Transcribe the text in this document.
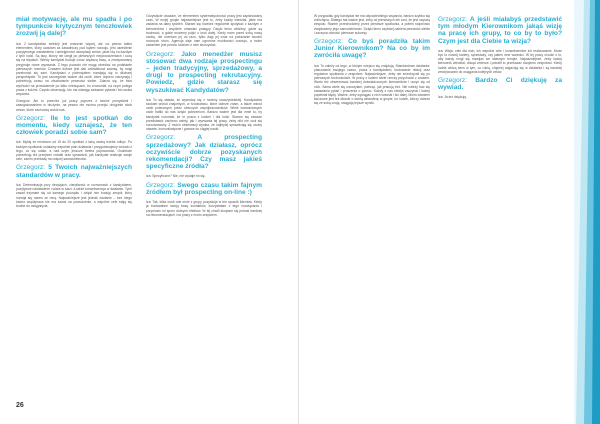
miał motywację, ale mu spadła i po tympunkcie krytycznym tenczłowiek zrozwij ją dalej?

Iza: 2 kandydatów selekcji jest znacznie więcej, ale na pewno takim elementem, który uważam za zasadniczy pod kątem rozwoju, jest określenie pozytywnego nastawienia i umiejętności akceptacji zmian, jakie idą za każdym z tych ludzi. Są tacy, którzy nie ulegli po pierwszych niepowodzeniach i uczą się na błędach. Wtedy kandydat buduje coraz większą bazę, a zmotywowany przyjmuje nowe wyzwania. Z tego powodu nie mogę skreślać na podstawie pierwszych rozmów. Czasami dobrze jest dać człowiekowi szansę, by mógł przekonać się sam. Kandydaci z potencjałem rozwijają się w dłuższej perspektywie. To jest szczególnie ważne dla osób, które dopiero zaczynają i potrzebują czasu na zbudowanie pewności siebie. Zdarza się, że ktoś wychodzi na prowadzenie po kilku miesiącach, bo zrozumiał, na czym polega praca z ludźmi. Często obserwuję, kto ma odwagę zadawać pytania i kto szuka wsparcia.

Grzegorz: Ale to przeciez już pracy poprzez z twoimi pomysłami i zaangażowaniem w drużynie, na pewno nie można przejść obojętnie obok zmian, które zachodzą wokół nas.

Grzegorz: Ile to jest spotkań do momentu, kiedy uznajesz, że ten człowiek poradzi sobie sam?

Iza: Myślę że minimum od 15 do 20 spotkań z taką osobą trzeba odbyć. Po każdym spotkaniu ustalamy wspólnie plan działania i przygotowujemy wnioski z tego, co się udało, a nad czym jeszcze trzeba popracować. Osobiście potrzebuję też przejrzeć notatki oraz sprawdzić, jak kandydat realizuje swoje cele, zanim przekażę mu więcej samodzielności.

Grzegorz: 5 Twoich najważniejszych standardów w pracy.

Iza: Determinacja przy decyzjach, cierpliwość w rozmowach z kandydatem, pozytywne nastawienie i wiara w ludzi, a także konsekwencja w działaniu. Tych zasad trzymam się od samego początku i dzięki nim buduję zespół, który rozwija się razem ze mną. Najważniejsze jest jednak zaufanie – bez niego żadna współpraca nie ma szans na powodzenie, a wspólne cele stają się trudne do osiągnięcia.

Oczywiście uważam, że elementem systematyczności pracy jest zaplanowany czas. W mojej grupie najważniejsze jest to, żeby każdy wiedział, jakie ma zadania na dany tydzień. Staram się również regularnie spotykać z każdym z kierowników i wspólnie omawiać postępy. Dzięki temu widzimy, gdzie są trudności, a gdzie możemy pójść o krok dalej. Kiedy mam przed sobą nową osobę, nie oceniam jej od razu, tylko daję jej czas na pokazanie swoich mocnych stron. Agencja daje nam ogromne możliwości rozwoju, a moim zadaniem jest pomóc ludziom z nich skorzystać.

Grzegorz: Jako menedżer musisz stosować dwa rodzaje prospectingu – jeden tradycyjny, sprzedażowy, a drugi to prospecting rekrutacyjny. Powiedz, gdzie starasz się wyszukiwać Kandydatów?

Iza: To się składa, że wywodzę się z rodziny nauczycielskiej. Kandydatów szukam wśród znajomych, w środowisku, które dobrze znam, a także wśród osób polecanych przez obecnych współpracowników. Wiele wartościowych osób trafiło do nas dzięki poleceniom. Bardzo ważne jest dla mnie to, by kandydat rozumiał, że to praca z ludźmi i dla ludzi. Staram się zawsze przedstawić zarówno zalety, jak i wyzwania tej pracy, żeby nikt nie czuł się rozczarowany. Z moich obserwacji wynika, że najlepiej sprawdzają się osoby otwarte, komunikatywne i gotowe do ciągłej nauki.

Grzegorz: A prospecting sprzedażowy? Jak działasz, oprócz oczywiście dobrze pozyskanych rekomendacji? Czy masz jakieś specyficzne źródła?

Iza: Specyficzne? Nie, nie wydaje mi się.

Grzegorz: Swego czasu takim fajnym źródłem był prospecting on-line :)

Iza: Tak, kilka osób ode mnie z grupy pozyskuje w ten sposób klientów. Kiedy ja budowałam swoją bazę kontaktów, korzystałam z tego rozwiązania i przyniosło mi sporo dobrych efektów. W tej chwili skupiam się jednak bardziej na rekomendacjach i na pracy z moim zespołem.

26

W przypadku gdy kandydat nie ma odpowiedniego wsparcia, bardzo szybko się zniechęca. Dlatego tak ważne jest, żeby od pierwszych dni czuł, że jest częścią zespołu. Razem przechodzimy przez pierwsze spotkania, a potem stopniowo zwiększamy jego samodzielność. Dzięki temu szybciej nabiera pewności siebie i zaczyna odnosić pierwsze sukcesy.

Grzegorz: Co byś poradziła takim Junior Kierownikom? Na co by im zwróciła uwagę?

Iza: To zależy od tego, w którym miejscu się znajdują. Standardowe działania: planowanie swojego czasu, praca z kandydatem, budowanie relacji oraz regularne spotkania z zespołem. Najważniejsze, żeby nie zniechęcali się po pierwszych trudnościach. W pracy z ludźmi wiele rzeczy przychodzi z czasem. Warto też obserwować bardziej doświadczonych kierowników i uczyć się od nich. Sama wiele się nauczyłam, patrząc, jak pracują inni. Nie należy bać się zadawania pytań i proszenia o pomoc. Każdy z nas kiedyś zaczynał i każdy popełniał błędy. Ważne, żeby wyciągać z nich wnioski i iść dalej. Moim zdaniem kluczowe jest też dbanie o dobrą atmosferę w grupie, bo ludzie, którzy dobrze się ze sobą czują, osiągają lepsze wyniki.

Grzegorz: A jeśli miałabyś przedstawić tym młodym Kierownikom jakąś wizję na pracę ich grupy, to co by to było? Czym jest dla Ciebie ta wizja?

Iza: Wizja, cele dla nich, ich wspólne cele i konsekwentne ich realizowanie. Może być to rozwój kariery, sprzedaży, czy jakieś inne wartości. W tej pracy chodzi o to, aby każdy mógł się rozwijać we własnym tempie. Najważniejsze, żeby każdy kierownik wiedział, dokąd zmierza i potrafił to przekazać swojemu zespołowi. Kiedy ludzie widzą sens w tym, co robią, chętniej angażują się w działania i są bardziej zmotywowani do osiągania kolejnych celów.

Grzegorz: Bardzo Ci dziękuję za wywiad.

Iza: Ja też dziękuję.
